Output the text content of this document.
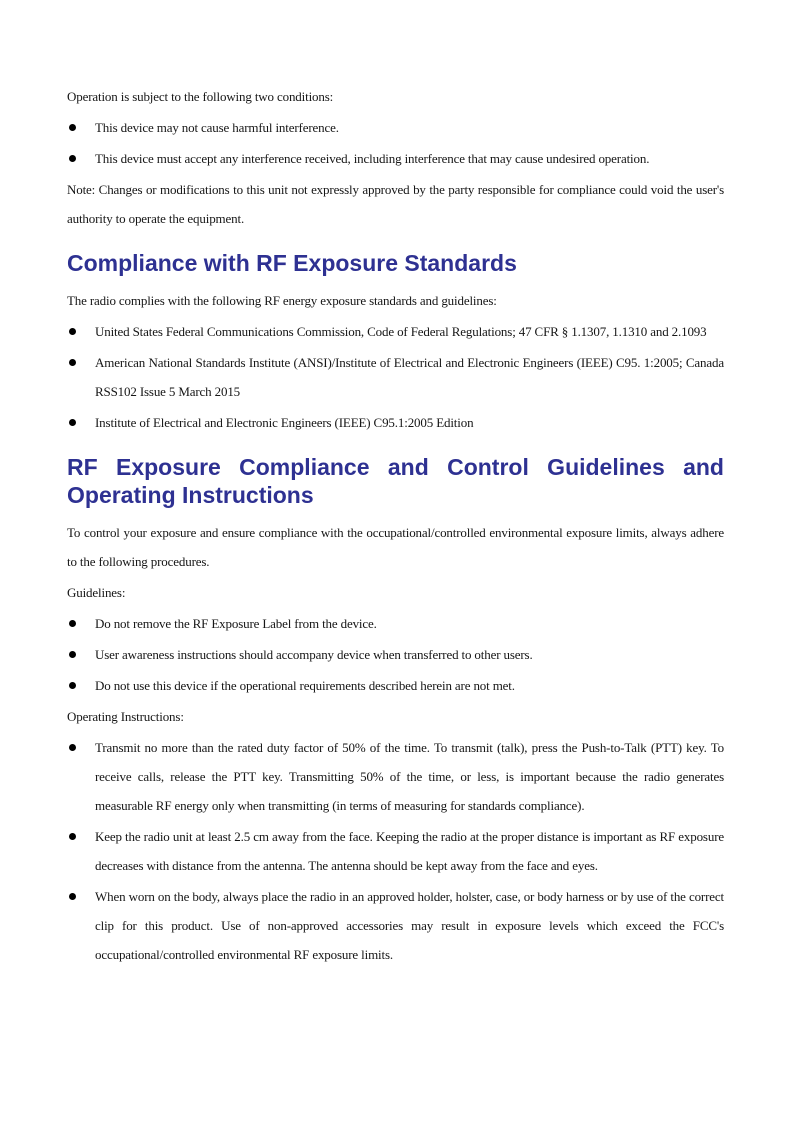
Operation is subject to the following two conditions:

This device may not cause harmful interference.

This device must accept any interference received, including interference that may cause undesired operation.

Note: Changes or modifications to this unit not expressly approved by the party responsible for compliance could void the user's authority to operate the equipment.

Compliance with RF Exposure Standards

The radio complies with the following RF energy exposure standards and guidelines:

United States Federal Communications Commission, Code of Federal Regulations; 47 CFR § 1.1307, 1.1310 and 2.1093

American National Standards Institute (ANSI)/Institute of Electrical and Electronic Engineers (IEEE) C95. 1:2005; Canada RSS102 Issue 5 March 2015

Institute of Electrical and Electronic Engineers (IEEE) C95.1:2005 Edition

RF Exposure Compliance and Control Guidelines and Operating Instructions

To control your exposure and ensure compliance with the occupational/controlled environmental exposure limits, always adhere to the following procedures.

Guidelines:

Do not remove the RF Exposure Label from the device.

User awareness instructions should accompany device when transferred to other users.

Do not use this device if the operational requirements described herein are not met.

Operating Instructions:

Transmit no more than the rated duty factor of 50% of the time. To transmit (talk), press the Push-to-Talk (PTT) key. To receive calls, release the PTT key. Transmitting 50% of the time, or less, is important because the radio generates measurable RF energy only when transmitting (in terms of measuring for standards compliance).

Keep the radio unit at least 2.5 cm away from the face. Keeping the radio at the proper distance is important as RF exposure decreases with distance from the antenna. The antenna should be kept away from the face and eyes.

When worn on the body, always place the radio in an approved holder, holster, case, or body harness or by use of the correct clip for this product. Use of non-approved accessories may result in exposure levels which exceed the FCC's occupational/controlled environmental RF exposure limits.
